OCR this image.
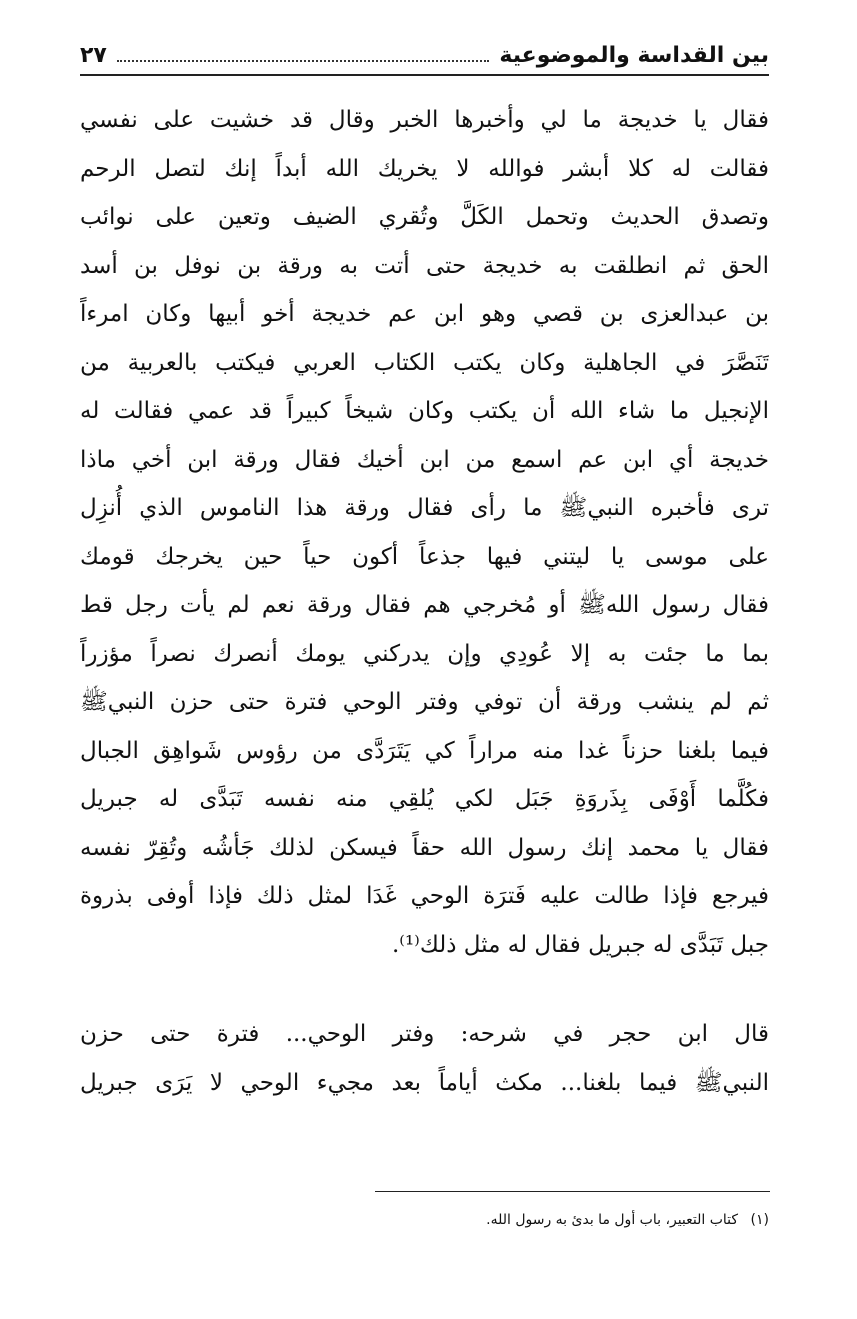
بين القداسة والموضوعية
٢٧
فقال يا خديجة ما لي وأخبرها الخبر وقال قد خشيت على نفسي
فقالت له كلا أبشر فوالله لا يخريك الله أبداً إنك لتصل الرحم
وتصدق الحديث وتحمل الكَلَّ وتُقري الضيف وتعين على نوائب
الحق ثم انطلقت به خديجة حتى أتت به ورقة بن نوفل بن أسد
بن عبدالعزى بن قصي وهو ابن عم خديجة أخو أبيها وكان امرءاً
تَنَصَّرَ في الجاهلية وكان يكتب الكتاب العربي فيكتب بالعربية من
الإنجيل ما شاء الله أن يكتب وكان شيخاً كبيراً قد عمي فقالت له
خديجة أي ابن عم اسمع من ابن أخيك فقال ورقة ابن أخي ماذا
ترى فأخبره النبيﷺ ما رأى فقال ورقة هذا الناموس الذي أُنزِل
على موسى يا ليتني فيها جذعاً أكون حياً حين يخرجك قومك
فقال رسول اللهﷺ أو مُخرجي هم فقال ورقة نعم لم يأت رجل قط
بما ما جئت به إلا عُودِي وإن يدركني يومك أنصرك نصراً مؤزراً
ثم لم ينشب ورقة أن توفي وفتر الوحي فترة حتى حزن النبيﷺ
فيما بلغنا حزناً غدا منه مراراً كي يَتَرَدَّى من رؤوس شَواهِق الجبال
فكُلَّما أَوْفَى بِذَروَةِ جَبَل لكي يُلقِي منه نفسه تَبَدَّى له جبريل
فقال يا محمد إنك رسول الله حقاً فيسكن لذلك جَأشُه وتُقِرّ نفسه
فيرجع فإذا طالت عليه فَترَة الوحي غَدَا لمثل ذلك فإذا أوفى بذروة
جبل تَبَدَّى له جبريل فقال له مثل ذلك⁽¹⁾.
قال ابن حجر في شرحه: وفتر الوحي... فترة حتى حزن
النبيﷺ فيما بلغنا... مكث أياماً بعد مجيء الوحي لا يَرَى جبريل
(١) كتاب التعبير، باب أول ما بدئ به رسول الله.
